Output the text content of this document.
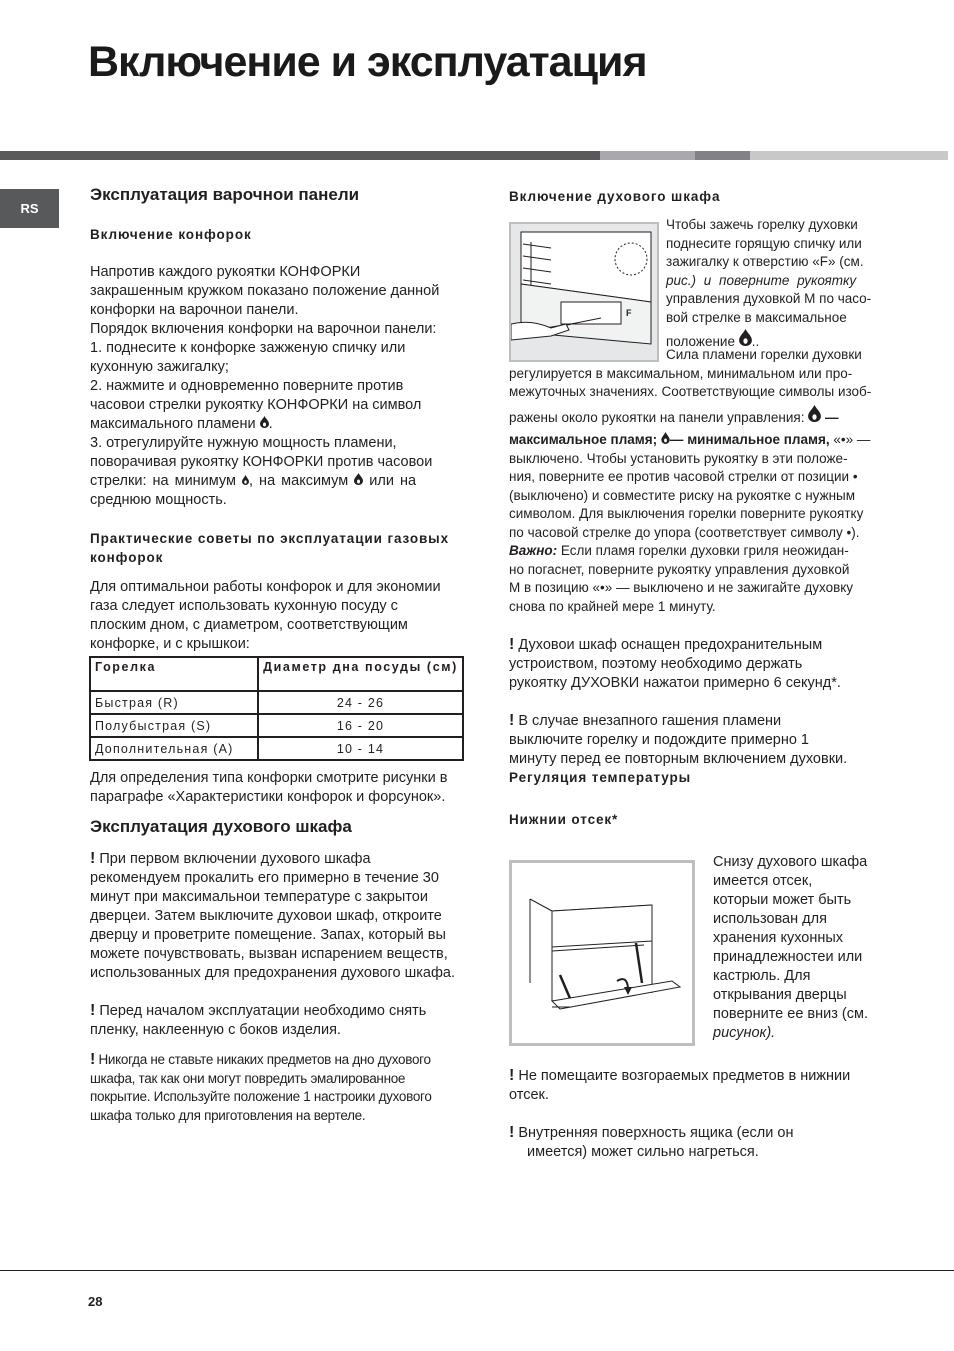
Включение и эксплуатация
RS
Эксплуатация варочнои панели
Включение конфорок
Напротив каждого рукоятки КОНФОРКИ
закрашенным кружком показано положение данной
конфорки на варочнои панели.
Порядок включения конфорки на варочнои панели:
1. поднесите к конфорке зажженую спичку или
кухонную зажигалку;
2. нажмите и одновременно поверните против
часовои стрелки рукоятку КОНФОРКИ на символ
максимального пламени .
3. отрегулируйте нужную мощность пламени,
поворачивая рукоятку КОНФОРКИ против часовои
стрелки: на минимум , на максимум или на
среднюю мощность.
Практические советы по эксплуатации газовых конфорок
Для оптимальнои работы конфорок и для экономии
газа следует использовать кухонную посуду с
плоским дном, с диаметром, соответствующим
конфорке, и с крышкои:
Горелка	Диаметр дна посуды (см)
Быстрая (R)	24 - 26
Полубыстрая (S)	16 - 20
Дополнительная (A)	10 - 14
Для определения типа конфорки смотрите рисунки в
параграфе «Характеристики конфорок и форсунок».
Эксплуатация духового шкафа
! При первом включении духового шкафа
рекомендуем прокалить его примерно в течение 30
минут при максимальнои температуре с закрытои
дверцеи. Затем выключите духовои шкаф, откроите
дверцу и проветрите помещение. Запах, который вы
можете почувствовать, вызван испарением веществ,
использованных для предохранения духового шкафа.
! Перед началом эксплуатации необходимо снять
пленку, наклеенную с боков изделия.
! Никогда не ставьте никаких предметов на дно духового
шкафа, так как они могут повредить эмалированное
покрытие. Используйте положение 1 настроики духового
шкафа только для приготовления на вертеле.
Включение духового шкафа
F
Чтобы зажечь горелку духовки
поднесите горящую спичку или
зажигалку к отверстию «F» (см.
рис.) и поверните рукоятку
управления духовкой M по часо-
вой стрелке в максимальное
положение ..
Сила пламени горелки духовки
регулируется в максимальном, минимальном или про-
межуточных значениях. Соответствующие символы изоб-
ражены около рукоятки на панели управления: —
максимальное пламя; — минимальное пламя, «•» —
выключено. Чтобы установить рукоятку в эти положе-
ния, поверните ее против часовой стрелки от позиции •
(выключено) и совместите риску на рукоятке с нужным
символом. Для выключения горелки поверните рукоятку
по часовой стрелке до упора (соответствует символу •).
Важно: Если пламя горелки духовки гриля неожидан-
но погаснет, поверните рукоятку управления духовкой
M в позицию «•» — выключено и не зажигайте духовку
снова по крайней мере 1 минуту.
! Духовои шкаф оснащен предохранительным
устроиством, поэтому необходимо держать
рукоятку ДУХОВКИ нажатои примерно 6 секунд*.
! В случае внезапного гашения пламени
выключите горелку и подождите примерно 1
минуту перед ее повторным включением духовки.
Регуляция температуры
Нижнии отсек*
Снизу духового шкафа
имеется отсек,
которыи может быть
использован для
хранения кухонных
принадлежностеи или
кастрюль. Для
открывания дверцы
поверните ее вниз (см.
рисунок).
! Не помещаите возгораемых предметов в нижнии
отсек.
! Внутренняя поверхность ящика (если он
имеется) может сильно нагреться.
28
